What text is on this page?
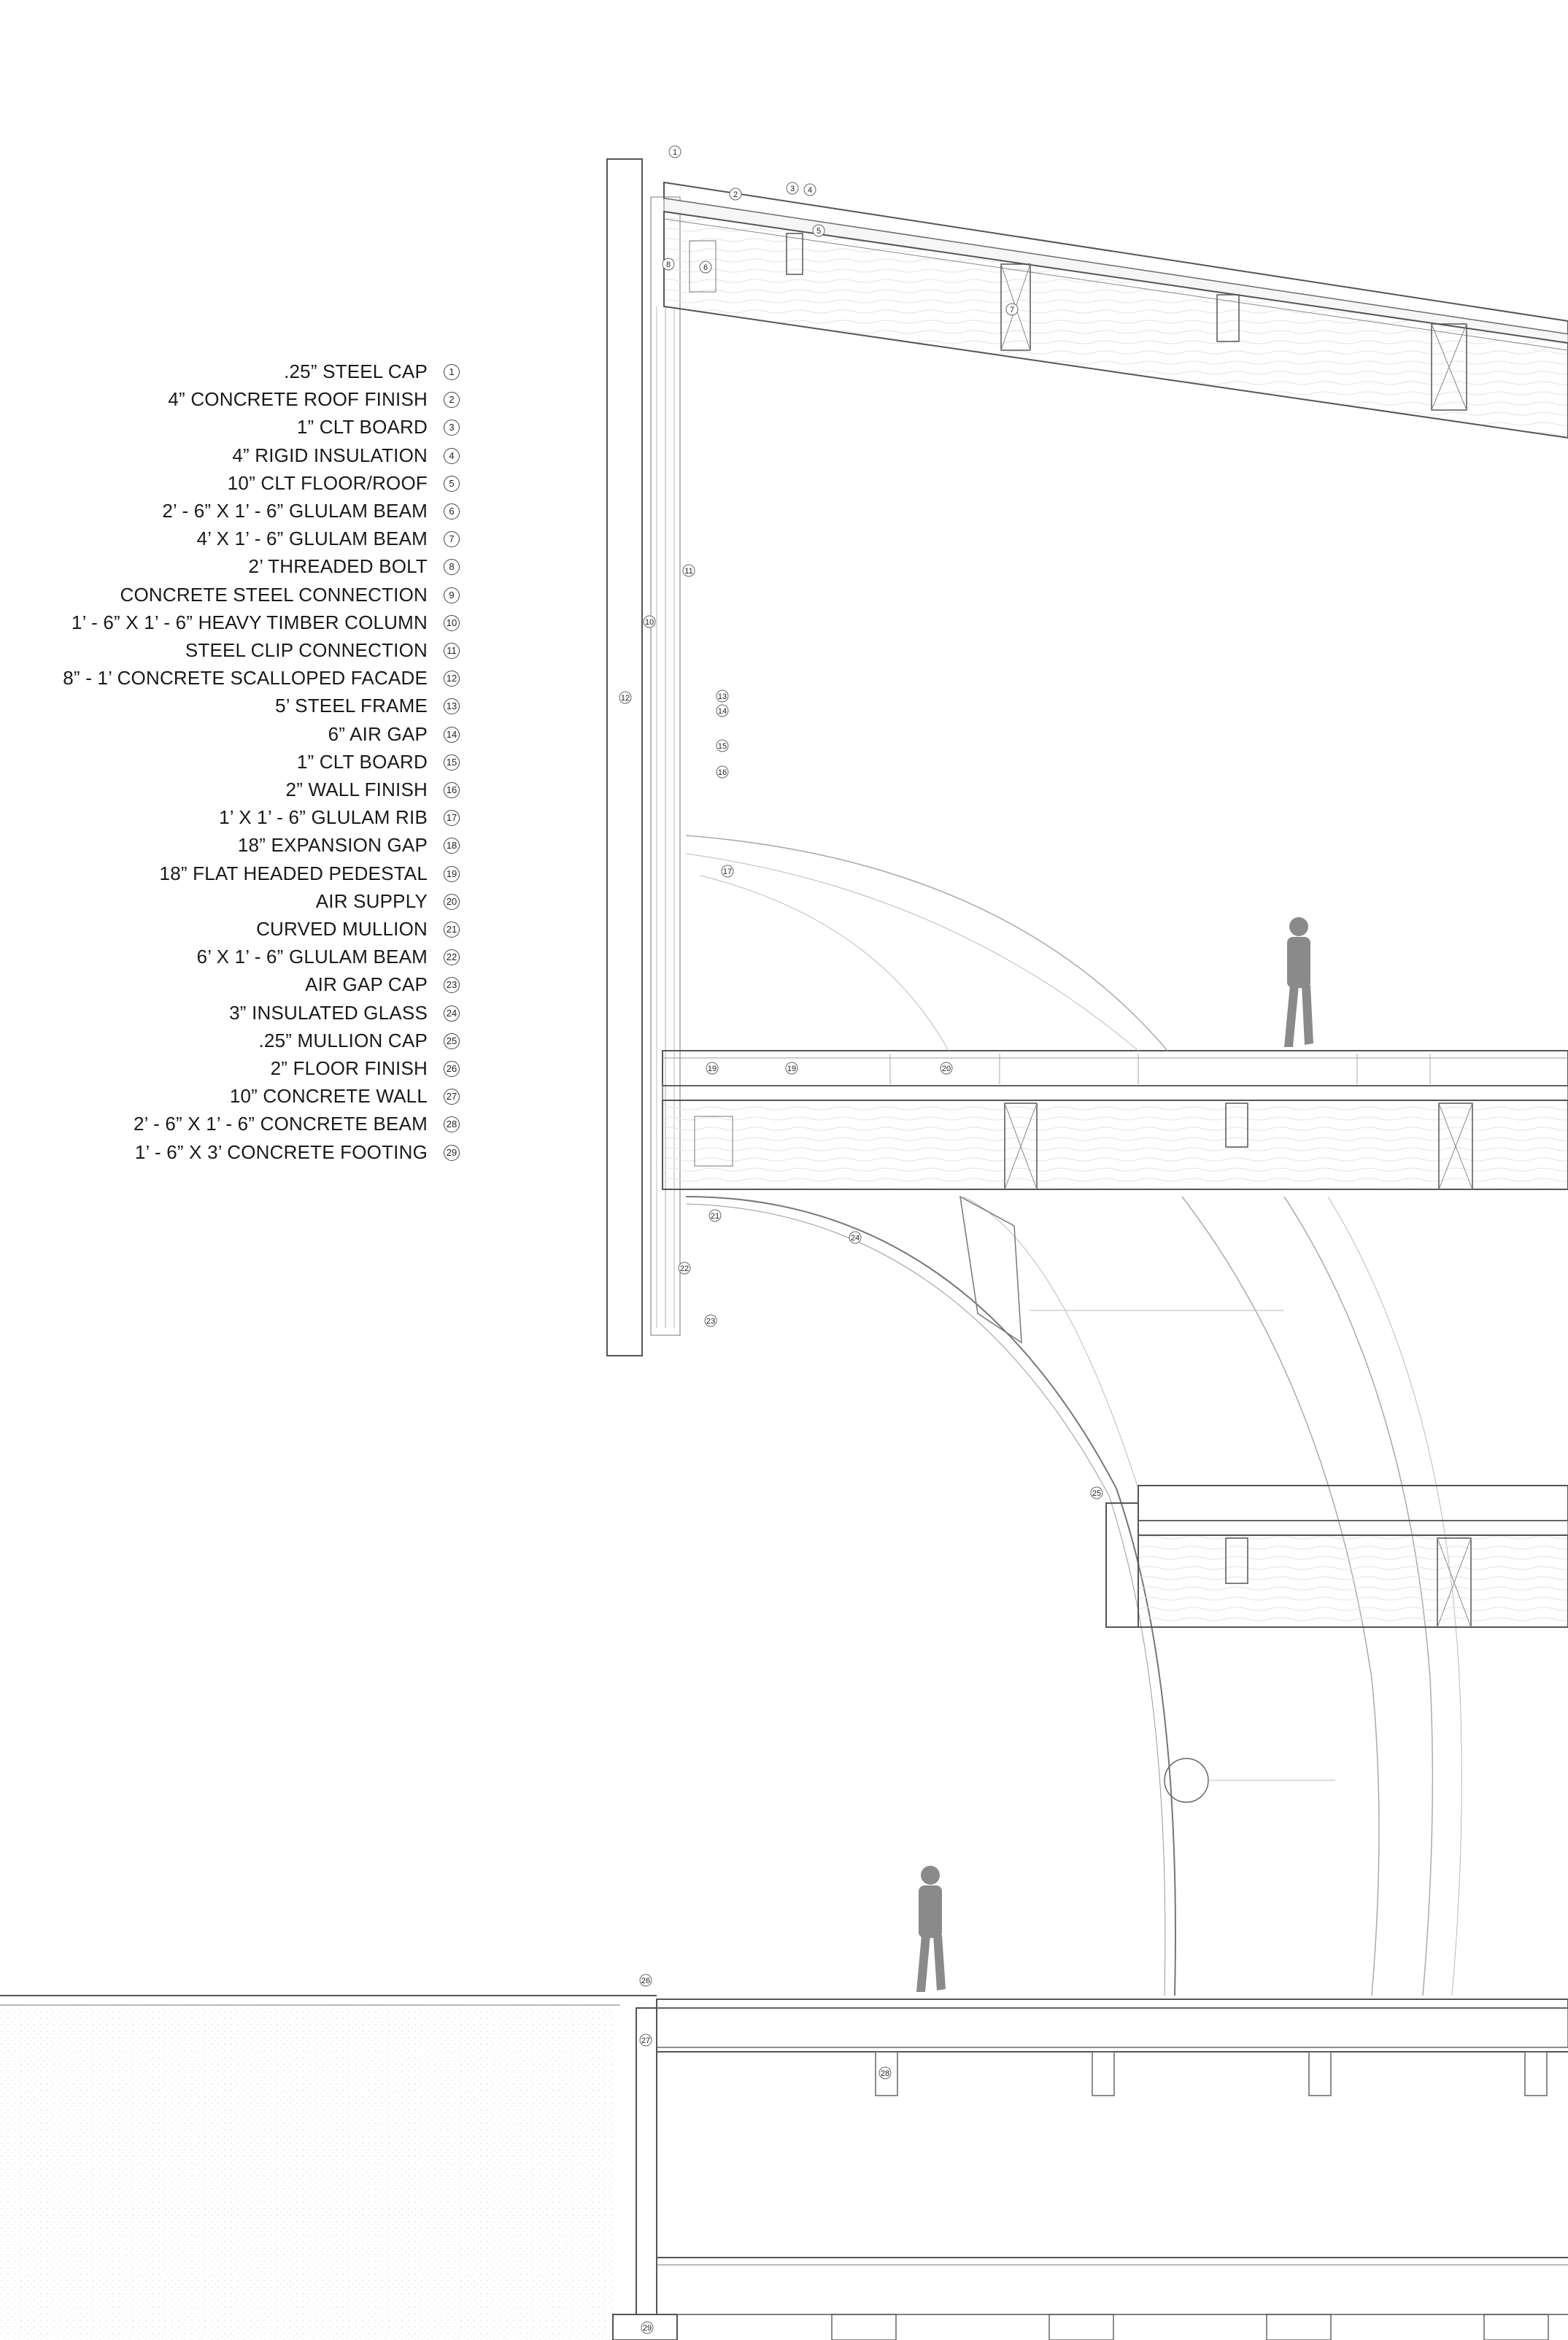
.25” STEEL CAP	1
4” CONCRETE ROOF FINISH	2
1” CLT BOARD	3
4” RIGID INSULATION	4
10” CLT FLOOR/ROOF	5
2’ - 6” X 1’ - 6” GLULAM BEAM	6
4’ X 1’ - 6” GLULAM BEAM	7
2’ THREADED BOLT	8
CONCRETE STEEL CONNECTION	9
1’ - 6” X 1’ - 6” HEAVY TIMBER COLUMN 10
STEEL CLIP CONNECTION	11
8” - 1’ CONCRETE SCALLOPED FACADE 12
5’ STEEL FRAME 13
6” AIR GAP 14
1” CLT BOARD 15
2” WALL FINISH 16
1’ X 1’ - 6” GLULAM RIB 17
18” EXPANSION GAP 18
18” FLAT HEADED PEDESTAL 19
AIR SUPPLY 20
CURVED MULLION 21
6’ X 1’ - 6” GLULAM BEAM 22
AIR GAP CAP 23
3” INSULATED GLASS 24
.25” MULLION CAP 25
2” FLOOR FINISH 26
10” CONCRETE WALL 27
2’ - 6” X 1’ - 6” CONCRETE BEAM 28
1’ - 6” X 3’ CONCRETE FOOTING 29
1
2
3 4
5
6
7
8
10
11
12	13
14
15
16
17
19	19	20
21
22
23
24
25
26
27
28
29
